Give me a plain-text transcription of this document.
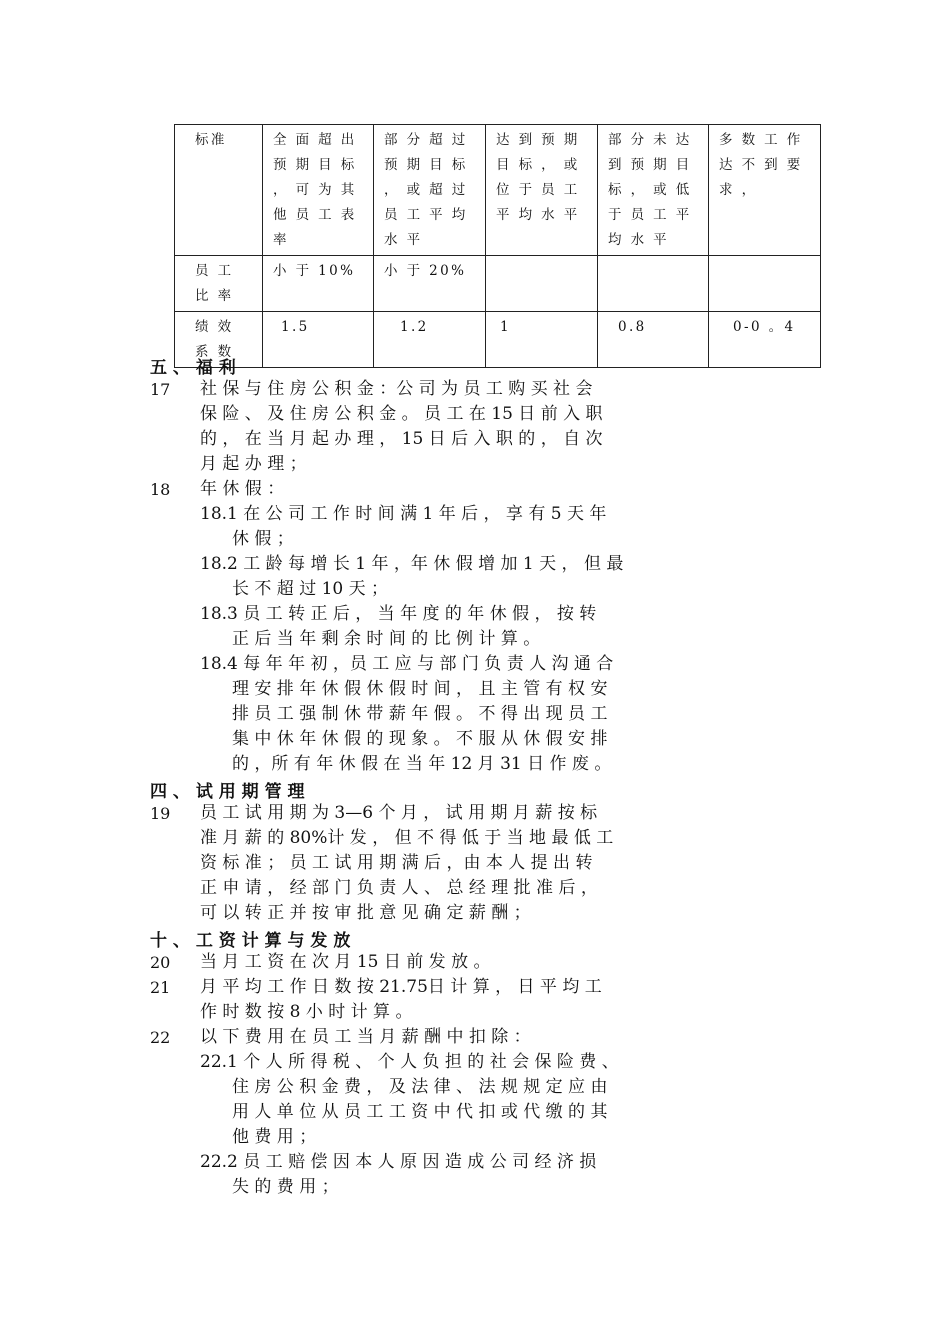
标准	全 面 超 出 预 期 目 标 ， 可 为 其 他 员 工 表 率	部 分 超 过 预 期 目 标 ， 或 超 过 员 工 平 均 水 平	达 到 预 期 目 标 ， 或 位 于 员 工 平 均 水 平	部 分 未 达 到 预 期 目 标 ， 或 低 于 员 工 平 均 水 平	多 数 工 作 达 不 到 要 求 ，
员 工 比 率	小 于 10%	小 于 20%			
绩 效 系 数	1.5	1.2	1	0.8	0-0 。4
五 、 福 利
17 社 保 与 住 房 公 积 金 ：公 司 为 员 工 购 买 社 会
保 险 、 及 住 房 公 积 金 。 员 工 在 15 日 前 入 职
的 ， 在 当 月 起 办 理 ， 15 日 后 入 职 的 ， 自 次
月 起 办 理 ；
18 年 休 假 ：
18.1 在 公 司 工 作 时 间 满 1 年 后 ， 享 有 5 天 年
休 假 ；
18.2 工 龄 每 增 长 1 年 ，年 休 假 增 加 1 天 ， 但 最
长 不 超 过 10 天 ；
18.3 员 工 转 正 后 ， 当 年 度 的 年 休 假 ， 按 转
正 后 当 年 剩 余 时 间 的 比 例 计 算 。
18.4 每 年 年 初 ，员 工 应 与 部 门 负 责 人 沟 通 合
理 安 排 年 休 假 休 假 时 间 ， 且 主 管 有 权 安
排 员 工 强 制 休 带 薪 年 假 。 不 得 出 现 员 工
集 中 休 年 休 假 的 现 象 。 不 服 从 休 假 安 排
的 ，所 有 年 休 假 在 当 年 12 月 31 日 作 废 。
四 、 试 用 期 管 理
19 员 工 试 用 期 为 3—6 个 月 ， 试 用 期 月 薪 按 标
准 月 薪 的 80%计 发 ， 但 不 得 低 于 当 地 最 低 工
资 标 准 ； 员 工 试 用 期 满 后 ，由 本 人 提 出 转
正 申 请 ， 经 部 门 负 责 人 、 总 经 理 批 准 后 ，
可 以 转 正 并 按 审 批 意 见 确 定 薪 酬 ；
十 、 工 资 计 算 与 发 放
20 当 月 工 资 在 次 月 15 日 前 发 放 。
21 月 平 均 工 作 日 数 按 21.75日 计 算 ， 日 平 均 工
作 时 数 按 8 小 时 计 算 。
22 以 下 费 用 在 员 工 当 月 薪 酬 中 扣 除 ：
22.1 个 人 所 得 税 、 个 人 负 担 的 社 会 保 险 费 、
住 房 公 积 金 费 ， 及 法 律 、 法 规 规 定 应 由
用 人 单 位 从 员 工 工 资 中 代 扣 或 代 缴 的 其
他 费 用 ；
22.2 员 工 赔 偿 因 本 人 原 因 造 成 公 司 经 济 损
失 的 费 用 ；
